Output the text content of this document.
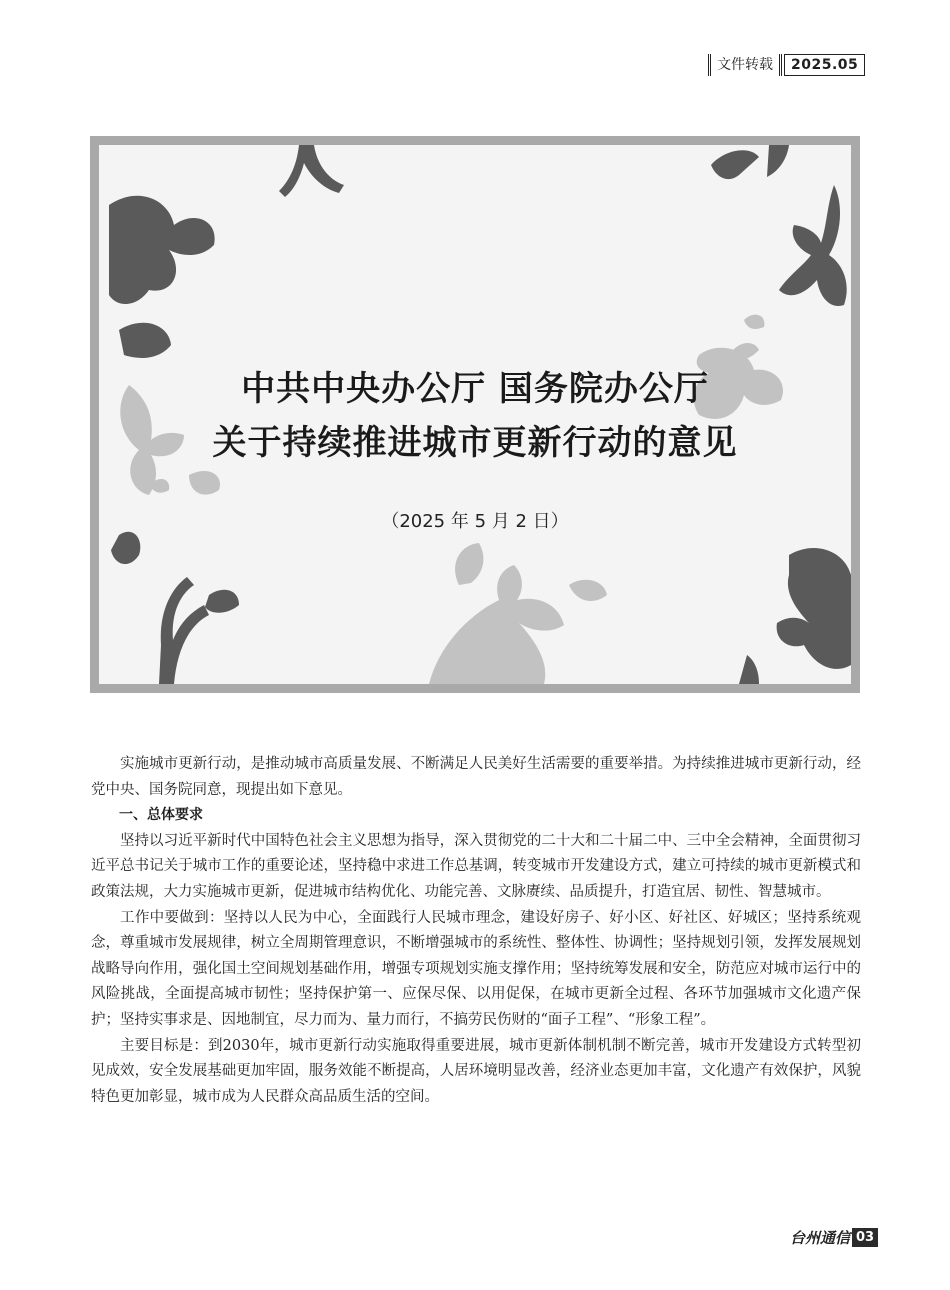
文件转载	2025.05
中共中央办公厅 国务院办公厅
关于持续推进城市更新行动的意见
（2025 年 5 月 2 日）

实施城市更新行动，是推动城市高质量发展、不断满足人民美好生活需要的重要举措。为持续推进城市更新行动，经党中央、国务院同意，现提出如下意见。

一、总体要求

坚持以习近平新时代中国特色社会主义思想为指导，深入贯彻党的二十大和二十届二中、三中全会精神，全面贯彻习近平总书记关于城市工作的重要论述，坚持稳中求进工作总基调，转变城市开发建设方式，建立可持续的城市更新模式和政策法规，大力实施城市更新，促进城市结构优化、功能完善、文脉赓续、品质提升，打造宜居、韧性、智慧城市。

工作中要做到：坚持以人民为中心，全面践行人民城市理念，建设好房子、好小区、好社区、好城区；坚持系统观念，尊重城市发展规律，树立全周期管理意识，不断增强城市的系统性、整体性、协调性；坚持规划引领，发挥发展规划战略导向作用，强化国土空间规划基础作用，增强专项规划实施支撑作用；坚持统筹发展和安全，防范应对城市运行中的风险挑战，全面提高城市韧性；坚持保护第一、应保尽保、以用促保，在城市更新全过程、各环节加强城市文化遗产保护；坚持实事求是、因地制宜，尽力而为、量力而行，不搞劳民伤财的“面子工程”、“形象工程”。

主要目标是：到2030年，城市更新行动实施取得重要进展，城市更新体制机制不断完善，城市开发建设方式转型初见成效，安全发展基础更加牢固，服务效能不断提高，人居环境明显改善，经济业态更加丰富，文化遗产有效保护，风貌特色更加彰显，城市成为人民群众高品质生活的空间。

台州通信 03
